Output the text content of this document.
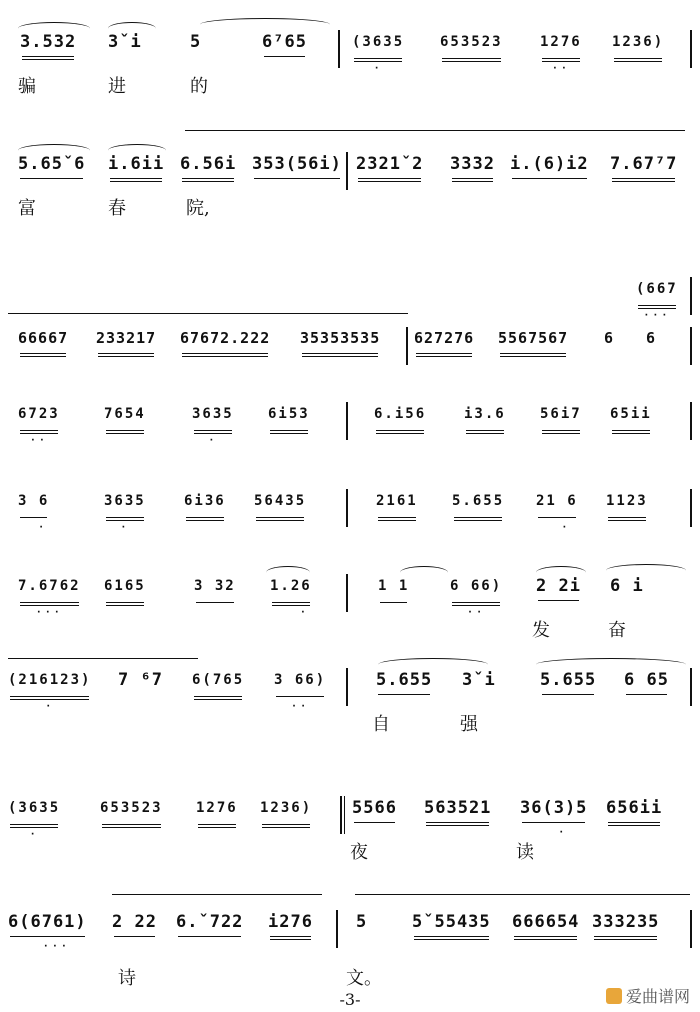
3.532 3ˇi	5	6⁷65	(3635
·
653523	1276
··
1236)
骗	进	的
5.65ˇ6 i.6ii 6.56i 353(56i) 2321ˇ2 3332 i.(6)i2 7.67⁷7
富	春	院,
(667
···
66667 233217 67672.222 35353535 627276 5567567 6 6
6723
··
7654	3635
·
6i53	6.i56	i3.6 56i7 65ii
3 6
·
3635
·
6i36 56435	2161 5.655 21 6
·
1123
7.6762
···
6165	3 32 1.26
·
1 1	6 66)
··
2 2i 6 i
发	奋
(216123)
·
7 ⁶7 6(765 3 66)
··
5.655 3ˇi	5.655 6 65
自	强
(3635
·
653523 1276 1236) 5566 563521 36(3)5
·
656ii
夜	读
6(6761)
···
2 22 6.ˇ722 i276	5	5ˇ55435 666654 333235
诗	文。
-3-	爱曲谱网
